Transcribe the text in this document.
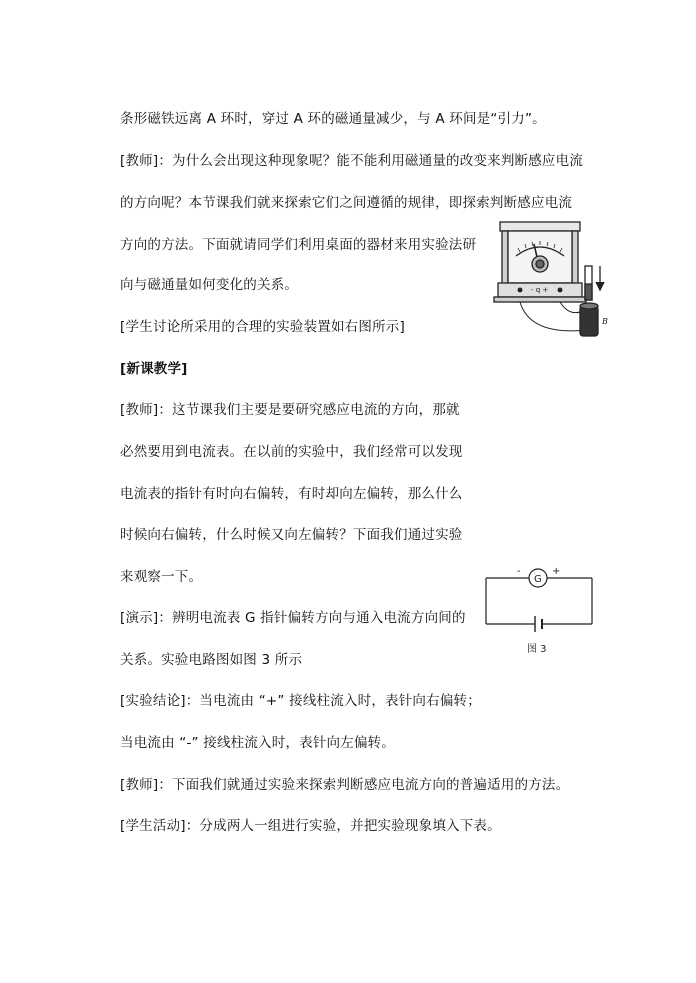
条形磁铁远离 A 环时，穿过 A 环的磁通量减少，与 A 环间是“引力”。
[教师]：为什么会出现这种现象呢？能不能利用磁通量的改变来判断感应电流
的方向呢？本节课我们就来探索它们之间遵循的规律，即探索判断感应电流
方向的方法。下面就请同学们利用桌面的器材来用实验法研
向与磁通量如何变化的关系。
[学生讨论所采用的合理的实验装置如右图所示]
[新课教学]
[教师]：这节课我们主要是要研究感应电流的方向，那就
必然要用到电流表。在以前的实验中，我们经常可以发现
电流表的指针有时向右偏转，有时却向左偏转，那么什么
时候向右偏转，什么时候又向左偏转？下面我们通过实验
来观察一下。
[演示]：辨明电流表 G 指针偏转方向与通入电流方向间的
关系。实验电路图如图 3 所示
[实验结论]：当电流由 “+” 接线柱流入时，表针向右偏转；
当电流由 “-” 接线柱流入时，表针向左偏转。
[教师]：下面我们就通过实验来探索判断感应电流方向的普遍适用的方法。
[学生活动]：分成两人一组进行实验，并把实验现象填入下表。
- q +
B
G
-	+
图 3
